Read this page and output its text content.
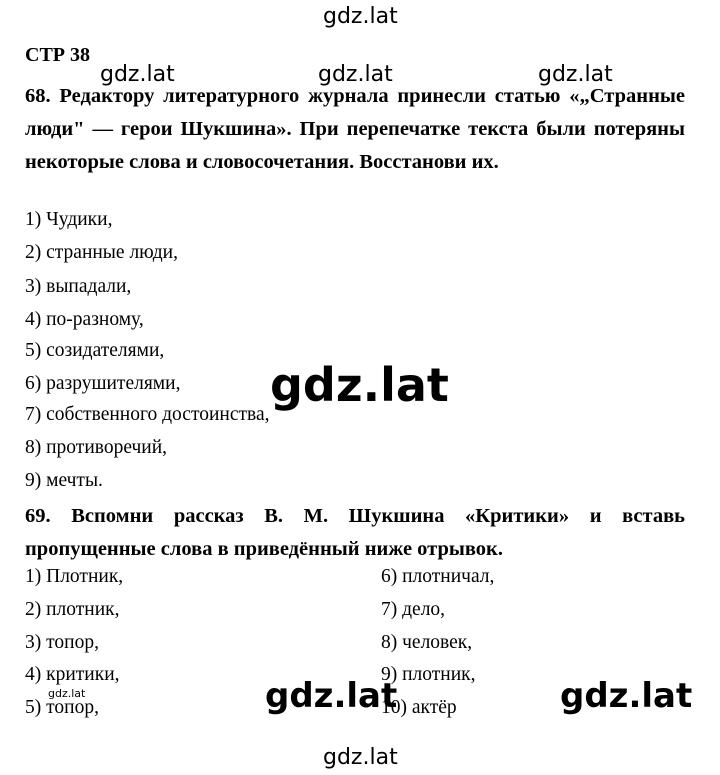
gdz.lat
gdz.lat	gdz.lat	gdz.lat
gdz.lat
gdz.lat	gdz.lat	gdz.lat
gdz.lat
СТР 38
68. Редактору литературного журнала принесли статью «„Странные люди" — герои Шукшина». При перепечатке текста были потеряны некоторые слова и словосочетания. Восстанови их.
1) Чудики,
2) странные люди,
3) выпадали,
4) по-разному,
5) созидателями,
6) разрушителями,
7) собственного достоинства,
8) противоречий,
9) мечты.
69. Вспомни рассказ В. М. Шукшина «Критики» и вставь пропущенные слова в приведённый ниже отрывок.
1) Плотник,
2) плотник,
3) топор,
4) критики,
5) топор,
6) плотничал,
7) дело,
8) человек,
9) плотник,
10) актёр
